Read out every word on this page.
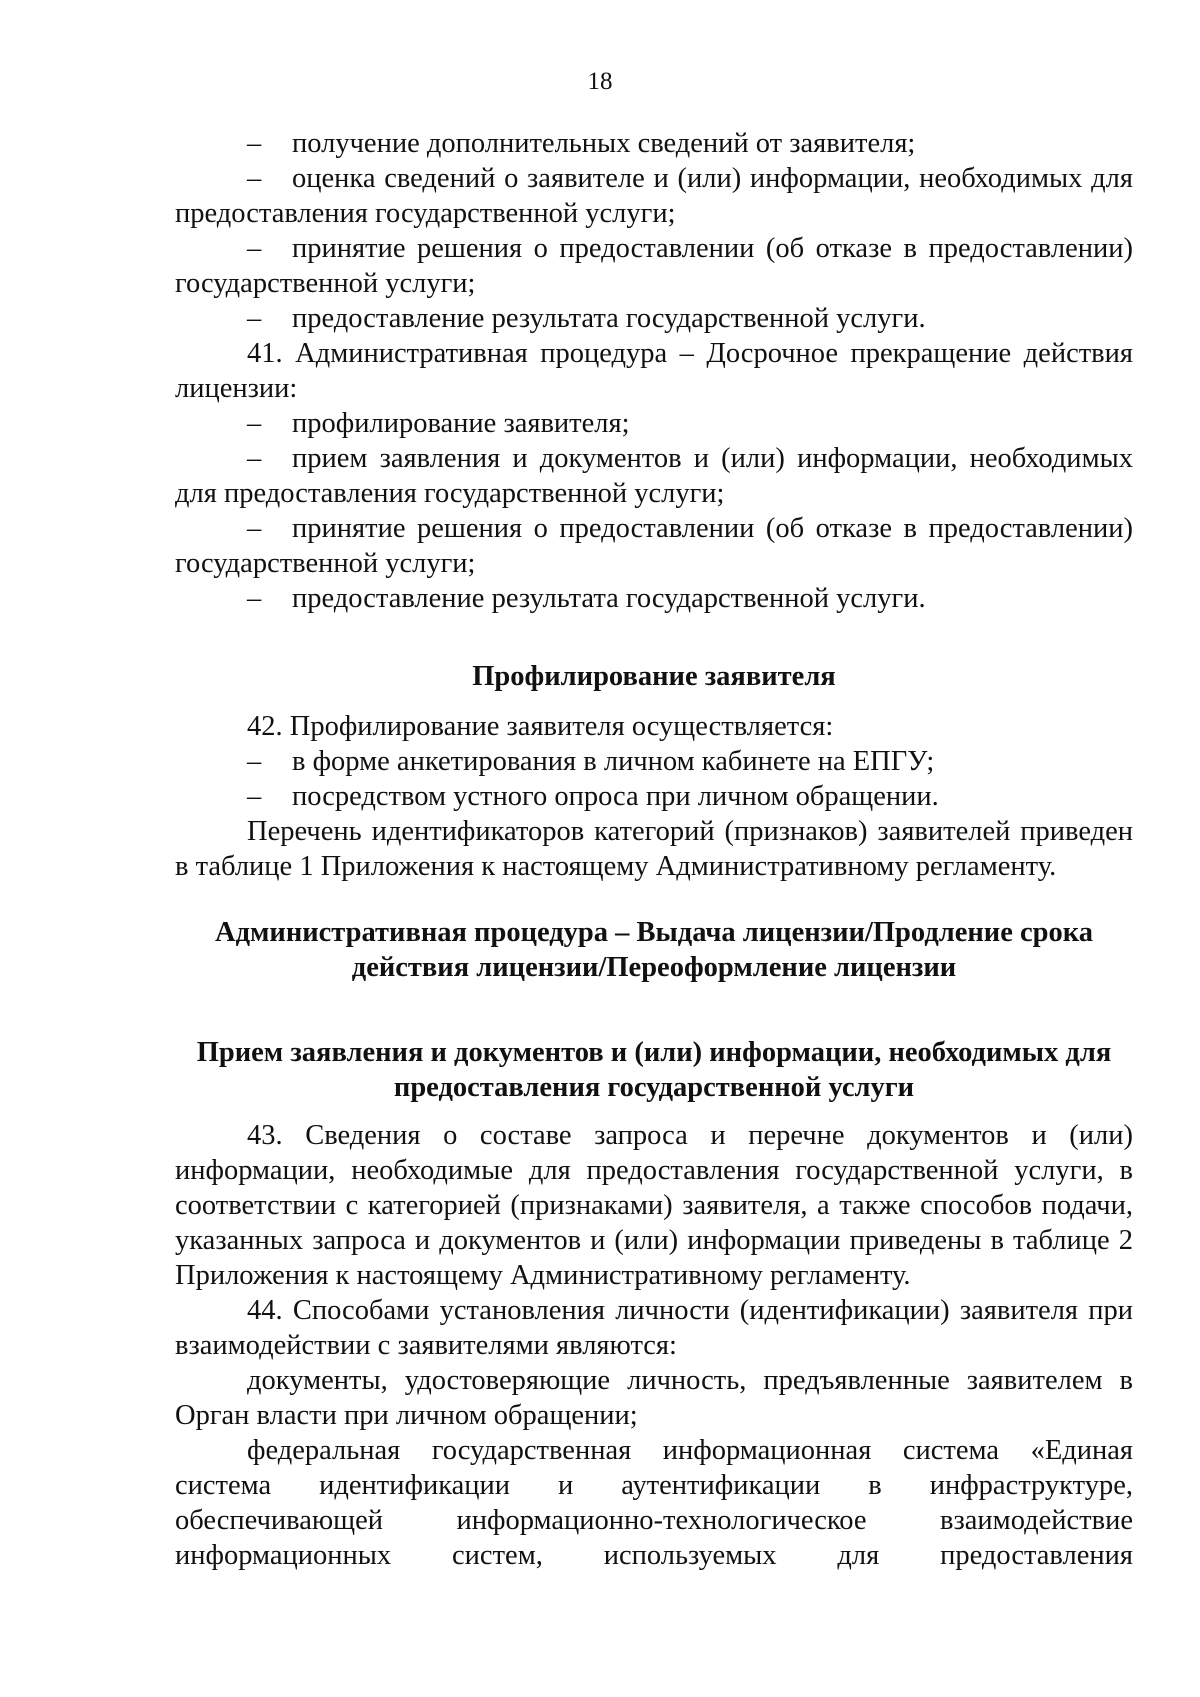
18

– получение дополнительных сведений от заявителя;

– оценка сведений о заявителе и (или) информации, необходимых для предоставления государственной услуги;

– принятие решения о предоставлении (об отказе в предоставлении) государственной услуги;

– предоставление результата государственной услуги.

41. Административная процедура – Досрочное прекращение действия лицензии:

– профилирование заявителя;

– прием заявления и документов и (или) информации, необходимых для предоставления государственной услуги;

– принятие решения о предоставлении (об отказе в предоставлении) государственной услуги;

– предоставление результата государственной услуги.

Профилирование заявителя

42. Профилирование заявителя осуществляется:

– в форме анкетирования в личном кабинете на ЕПГУ;

– посредством устного опроса при личном обращении.

Перечень идентификаторов категорий (признаков) заявителей приведен в таблице 1 Приложения к настоящему Административному регламенту.

Административная процедура – Выдача лицензии/Продление срока действия лицензии/Переоформление лицензии

Прием заявления и документов и (или) информации, необходимых для предоставления государственной услуги

43. Сведения о составе запроса и перечне документов и (или) информации, необходимые для предоставления государственной услуги, в соответствии с категорией (признаками) заявителя, а также способов подачи, указанных запроса и документов и (или) информации приведены в таблице 2 Приложения к настоящему Административному регламенту.

44. Способами установления личности (идентификации) заявителя при взаимодействии с заявителями являются:

документы, удостоверяющие личность, предъявленные заявителем в Орган власти при личном обращении;

федеральная государственная информационная система «Единая система идентификации и аутентификации в инфраструктуре, обеспечивающей информационно-технологическое взаимодействие информационных систем, используемых для предоставления
